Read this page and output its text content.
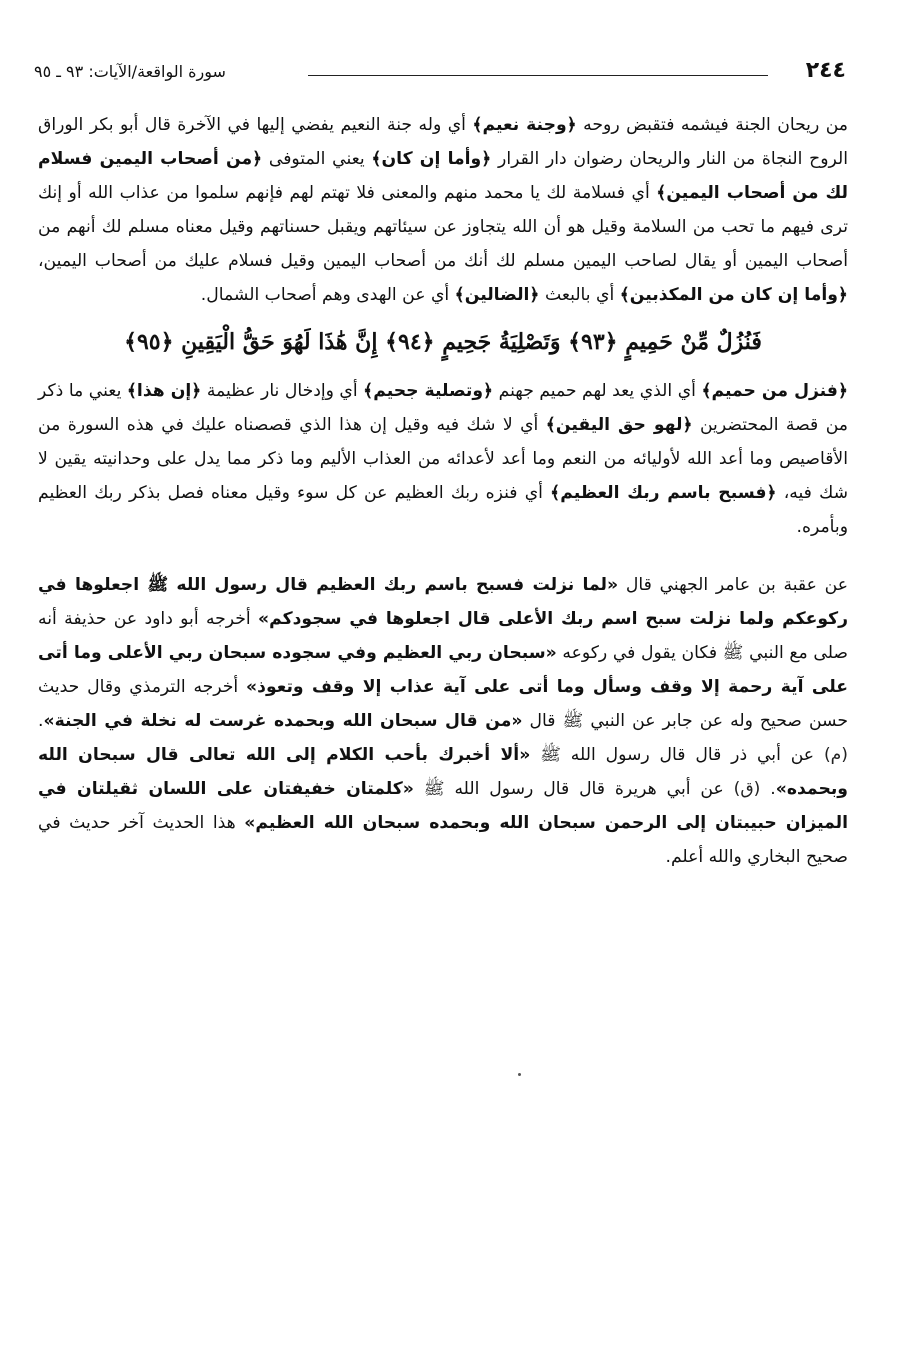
٢٤٤
سورة الواقعة/الآيات: ٩٣ ـ ٩٥

من ريحان الجنة فيشمه فتقبض روحه ﴿وجنة نعيم﴾ أي وله جنة النعيم يفضي إليها في الآخرة قال أبو بكر الوراق الروح النجاة من النار والريحان رضوان دار القرار ﴿وأما إن كان﴾ يعني المتوفى ﴿من أصحاب اليمين فسلام لك من أصحاب اليمين﴾ أي فسلامة لك يا محمد منهم والمعنى فلا تهتم لهم فإنهم سلموا من عذاب الله أو إنك ترى فيهم ما تحب من السلامة وقيل هو أن الله يتجاوز عن سيئاتهم ويقبل حسناتهم وقيل معناه مسلم لك أنهم من أصحاب اليمين أو يقال لصاحب اليمين مسلم لك أنك من أصحاب اليمين وقيل فسلام عليك من أصحاب اليمين، ﴿وأما إن كان من المكذبين﴾ أي بالبعث ﴿الضالين﴾ أي عن الهدى وهم أصحاب الشمال.

فَنُزُلٌ مِّنْ حَمِيمٍ ﴿٩٣﴾ وَتَصْلِيَةُ جَحِيمٍ ﴿٩٤﴾ إِنَّ هَٰذَا لَهُوَ حَقُّ الْيَقِينِ ﴿٩٥﴾

﴿فنزل من حميم﴾ أي الذي يعد لهم حميم جهنم ﴿وتصلية جحيم﴾ أي وإدخال نار عظيمة ﴿إن هذا﴾ يعني ما ذكر من قصة المحتضرين ﴿لهو حق اليقين﴾ أي لا شك فيه وقيل إن هذا الذي قصصناه عليك في هذه السورة من الأقاصيص وما أعد الله لأوليائه من النعم وما أعد لأعدائه من العذاب الأليم وما ذكر مما يدل على وحدانيته يقين لا شك فيه، ﴿فسبح باسم ربك العظيم﴾ أي فنزه ربك العظيم عن كل سوء وقيل معناه فصل بذكر ربك العظيم وبأمره.

عن عقبة بن عامر الجهني قال «لما نزلت فسبح باسم ربك العظيم قال رسول الله ﷺ اجعلوها في ركوعكم ولما نزلت سبح اسم ربك الأعلى قال اجعلوها في سجودكم» أخرجه أبو داود عن حذيفة أنه صلى مع النبي ﷺ فكان يقول في ركوعه «سبحان ربي العظيم وفي سجوده سبحان ربي الأعلى وما أتى على آية رحمة إلا وقف وسأل وما أتى على آية عذاب إلا وقف وتعوذ» أخرجه الترمذي وقال حديث حسن صحيح وله عن جابر عن النبي ﷺ قال «من قال سبحان الله وبحمده غرست له نخلة في الجنة». (م) عن أبي ذر قال قال رسول الله ﷺ «ألا أخبرك بأحب الكلام إلى الله تعالى قال سبحان الله وبحمده». (ق) عن أبي هريرة قال قال رسول الله ﷺ «كلمتان خفيفتان على اللسان ثقيلتان في الميزان حبيبتان إلى الرحمن سبحان الله وبحمده سبحان الله العظيم» هذا الحديث آخر حديث في صحيح البخاري والله أعلم.
